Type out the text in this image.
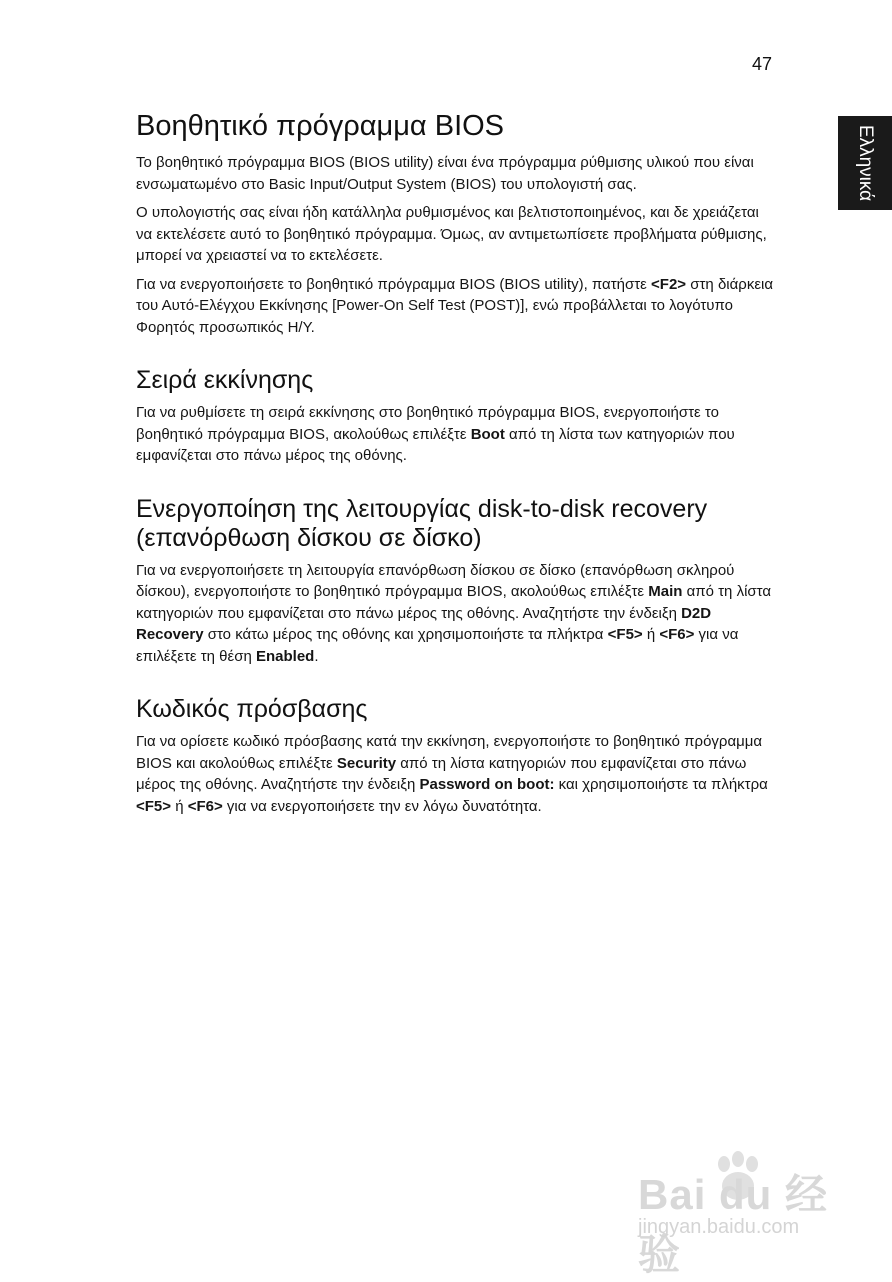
47
Ελληνικά
Βοηθητικό πρόγραμμα BIOS

Το βοηθητικό πρόγραμμα BIOS (BIOS utility) είναι ένα πρόγραμμα ρύθμισης υλικού που είναι ενσωματωμένο στο Basic Input/Output System (BIOS) του υπολογιστή σας.

Ο υπολογιστής σας είναι ήδη κατάλληλα ρυθμισμένος και βελτιστοποιημένος, και δε χρειάζεται να εκτελέσετε αυτό το βοηθητικό πρόγραμμα. Όμως, αν αντιμετωπίσετε προβλήματα ρύθμισης, μπορεί να χρειαστεί να το εκτελέσετε.

Για να ενεργοποιήσετε το βοηθητικό πρόγραμμα BIOS (BIOS utility), πατήστε <F2> στη διάρκεια του Αυτό-Ελέγχου Εκκίνησης [Power-On Self Test (POST)], ενώ προβάλλεται το λογότυπο Φορητός προσωπικός Η/Υ.

Σειρά εκκίνησης

Για να ρυθμίσετε τη σειρά εκκίνησης στο βοηθητικό πρόγραμμα BIOS, ενεργοποιήστε το βοηθητικό πρόγραμμα BIOS, ακολούθως επιλέξτε Boot από τη λίστα των κατηγοριών που εμφανίζεται στο πάνω μέρος της οθόνης.

Ενεργοποίηση της λειτουργίας disk-to-disk recovery (επανόρθωση δίσκου σε δίσκο)

Για να ενεργοποιήσετε τη λειτουργία επανόρθωση δίσκου σε δίσκο (επανόρθωση σκληρού δίσκου), ενεργοποιήστε το βοηθητικό πρόγραμμα BIOS, ακολούθως επιλέξτε Main από τη λίστα κατηγοριών που εμφανίζεται στο πάνω μέρος της οθόνης. Αναζητήστε την ένδειξη D2D Recovery στο κάτω μέρος της οθόνης και χρησιμοποιήστε τα πλήκτρα <F5> ή <F6> για να επιλέξετε τη θέση Enabled.

Κωδικός πρόσβασης

Για να ορίσετε κωδικό πρόσβασης κατά την εκκίνηση, ενεργοποιήστε το βοηθητικό πρόγραμμα BIOS και ακολούθως επιλέξτε Security από τη λίστα κατηγοριών που εμφανίζεται στο πάνω μέρος της οθόνης. Αναζητήστε την ένδειξη Password on boot: και χρησιμοποιήστε τα πλήκτρα <F5> ή <F6> για να ενεργοποιήσετε την εν λόγω δυνατότητα.

Bai du 经验
jingyan.baidu.com
